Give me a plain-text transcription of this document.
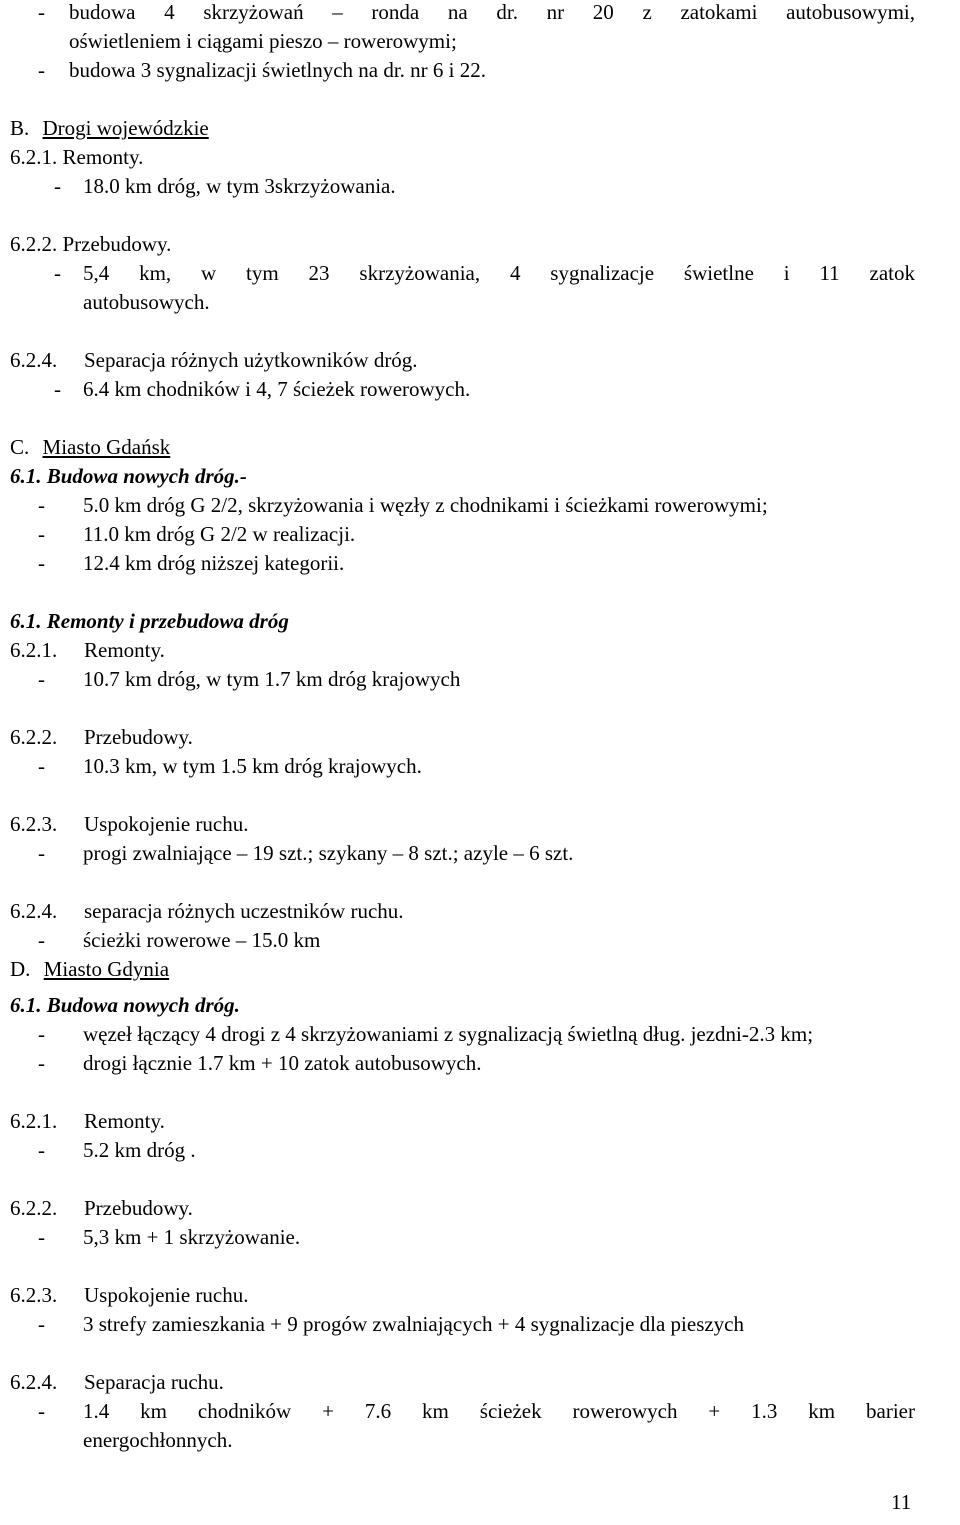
- budowa 4 skrzyżowań – ronda na dr. nr 20 z zatokami autobusowymi,
oświetleniem i ciągami pieszo – rowerowymi;
- budowa 3 sygnalizacji świetlnych na dr. nr 6 i 22.
B. Drogi wojewódzkie
6.2.1. Remonty.
- 18.0 km dróg, w tym 3skrzyżowania.
6.2.2. Przebudowy.
- 5,4 km, w tym 23 skrzyżowania, 4 sygnalizacje świetlne i 11 zatok
autobusowych.
6.2.4. Separacja różnych użytkowników dróg.
- 6.4 km chodników i 4, 7 ścieżek rowerowych.
C. Miasto Gdańsk
6.1. Budowa nowych dróg.-
- 5.0 km dróg G 2/2, skrzyżowania i węzły z chodnikami i ścieżkami rowerowymi;
- 11.0 km dróg G 2/2 w realizacji.
- 12.4 km dróg niższej kategorii.
6.1. Remonty i przebudowa dróg
6.2.1. Remonty.
- 10.7 km dróg, w tym 1.7 km dróg krajowych
6.2.2. Przebudowy.
- 10.3 km, w tym 1.5 km dróg krajowych.
6.2.3. Uspokojenie ruchu.
- progi zwalniające – 19 szt.; szykany – 8 szt.; azyle – 6 szt.
6.2.4. separacja różnych uczestników ruchu.
- ścieżki rowerowe – 15.0 km
D. Miasto Gdynia
6.1. Budowa nowych dróg.
- węzeł łączący 4 drogi z 4 skrzyżowaniami z sygnalizacją świetlną dług. jezdni-2.3 km;
- drogi łącznie 1.7 km + 10 zatok autobusowych.
6.2.1. Remonty.
- 5.2 km dróg .
6.2.2. Przebudowy.
- 5,3 km + 1 skrzyżowanie.
6.2.3. Uspokojenie ruchu.
- 3 strefy zamieszkania + 9 progów zwalniających + 4 sygnalizacje dla pieszych
6.2.4. Separacja ruchu.
- 1.4 km chodników + 7.6 km ścieżek rowerowych + 1.3 km barier
energochłonnych.
11
